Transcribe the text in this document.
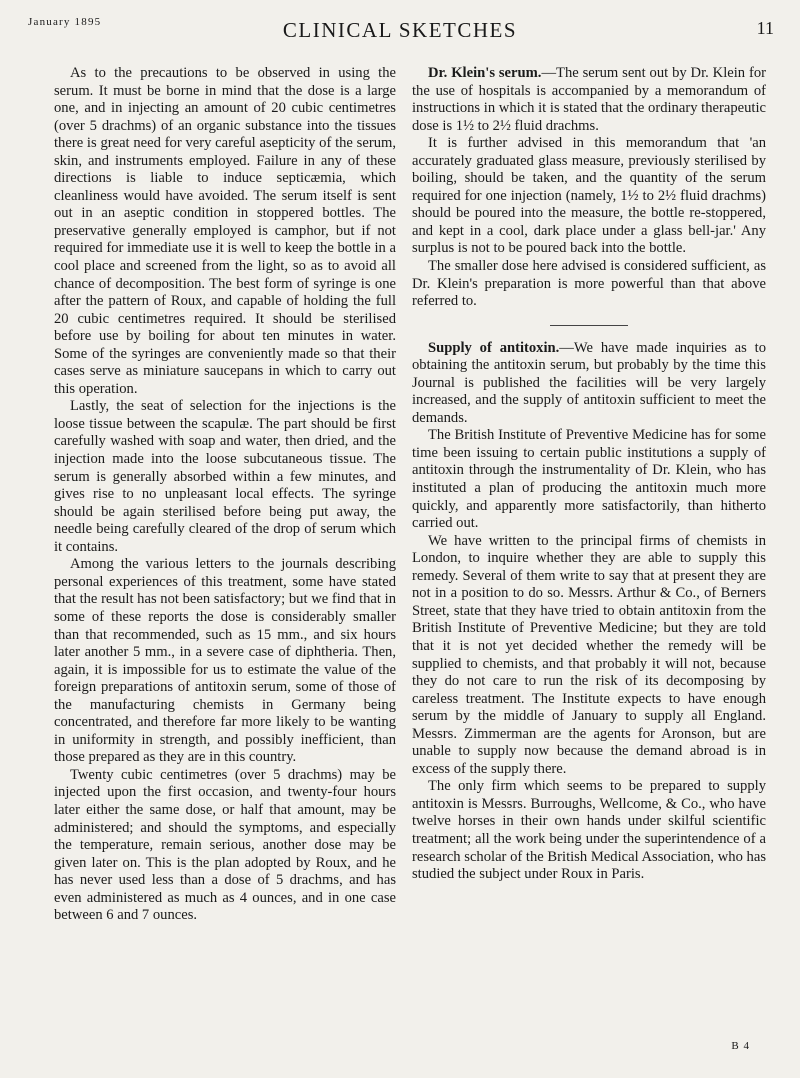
January 1895	CLINICAL SKETCHES	11

As to the precautions to be observed in using the serum. It must be borne in mind that the dose is a large one, and in injecting an amount of 20 cubic centimetres (over 5 drachms) of an organic substance into the tissues there is great need for very careful asepticity of the serum, skin, and instruments employed. Failure in any of these directions is liable to induce septicæmia, which cleanliness would have avoided. The serum itself is sent out in an aseptic condition in stoppered bottles. The preservative generally employed is camphor, but if not required for immediate use it is well to keep the bottle in a cool place and screened from the light, so as to avoid all chance of decomposition. The best form of syringe is one after the pattern of Roux, and capable of holding the full 20 cubic centimetres required. It should be sterilised before use by boiling for about ten minutes in water. Some of the syringes are conveniently made so that their cases serve as miniature saucepans in which to carry out this operation.

Lastly, the seat of selection for the injections is the loose tissue between the scapulæ. The part should be first carefully washed with soap and water, then dried, and the injection made into the loose subcutaneous tissue. The serum is generally absorbed within a few minutes, and gives rise to no unpleasant local effects. The syringe should be again sterilised before being put away, the needle being carefully cleared of the drop of serum which it contains.

Among the various letters to the journals describing personal experiences of this treatment, some have stated that the result has not been satisfactory; but we find that in some of these reports the dose is considerably smaller than that recommended, such as 15 mm., and six hours later another 5 mm., in a severe case of diphtheria. Then, again, it is impossible for us to estimate the value of the foreign preparations of antitoxin serum, some of those of the manufacturing chemists in Germany being concentrated, and therefore far more likely to be wanting in uniformity in strength, and possibly inefficient, than those prepared as they are in this country.

Twenty cubic centimetres (over 5 drachms) may be injected upon the first occasion, and twenty-four hours later either the same dose, or half that amount, may be administered; and should the symptoms, and especially the temperature, remain serious, another dose may be given later on. This is the plan adopted by Roux, and he has never used less than a dose of 5 drachms, and has even administered as much as 4 ounces, and in one case between 6 and 7 ounces.

Dr. Klein's serum.—The serum sent out by Dr. Klein for the use of hospitals is accompanied by a memorandum of instructions in which it is stated that the ordinary therapeutic dose is 1½ to 2½ fluid drachms.

It is further advised in this memorandum that 'an accurately graduated glass measure, previously sterilised by boiling, should be taken, and the quantity of the serum required for one injection (namely, 1½ to 2½ fluid drachms) should be poured into the measure, the bottle re-stoppered, and kept in a cool, dark place under a glass bell-jar.' Any surplus is not to be poured back into the bottle.

The smaller dose here advised is considered sufficient, as Dr. Klein's preparation is more powerful than that above referred to.

Supply of antitoxin.—We have made inquiries as to obtaining the antitoxin serum, but probably by the time this Journal is published the facilities will be very largely increased, and the supply of antitoxin sufficient to meet the demands.

The British Institute of Preventive Medicine has for some time been issuing to certain public institutions a supply of antitoxin through the instrumentality of Dr. Klein, who has instituted a plan of producing the antitoxin much more quickly, and apparently more satisfactorily, than hitherto carried out.

We have written to the principal firms of chemists in London, to inquire whether they are able to supply this remedy. Several of them write to say that at present they are not in a position to do so. Messrs. Arthur & Co., of Berners Street, state that they have tried to obtain antitoxin from the British Institute of Preventive Medicine; but they are told that it is not yet decided whether the remedy will be supplied to chemists, and that probably it will not, because they do not care to run the risk of its decomposing by careless treatment. The Institute expects to have enough serum by the middle of January to supply all England. Messrs. Zimmerman are the agents for Aronson, but are unable to supply now because the demand abroad is in excess of the supply there.

The only firm which seems to be prepared to supply antitoxin is Messrs. Burroughs, Wellcome, & Co., who have twelve horses in their own hands under skilful scientific treatment; all the work being under the superintendence of a research scholar of the British Medical Association, who has studied the subject under Roux in Paris.

B 4
